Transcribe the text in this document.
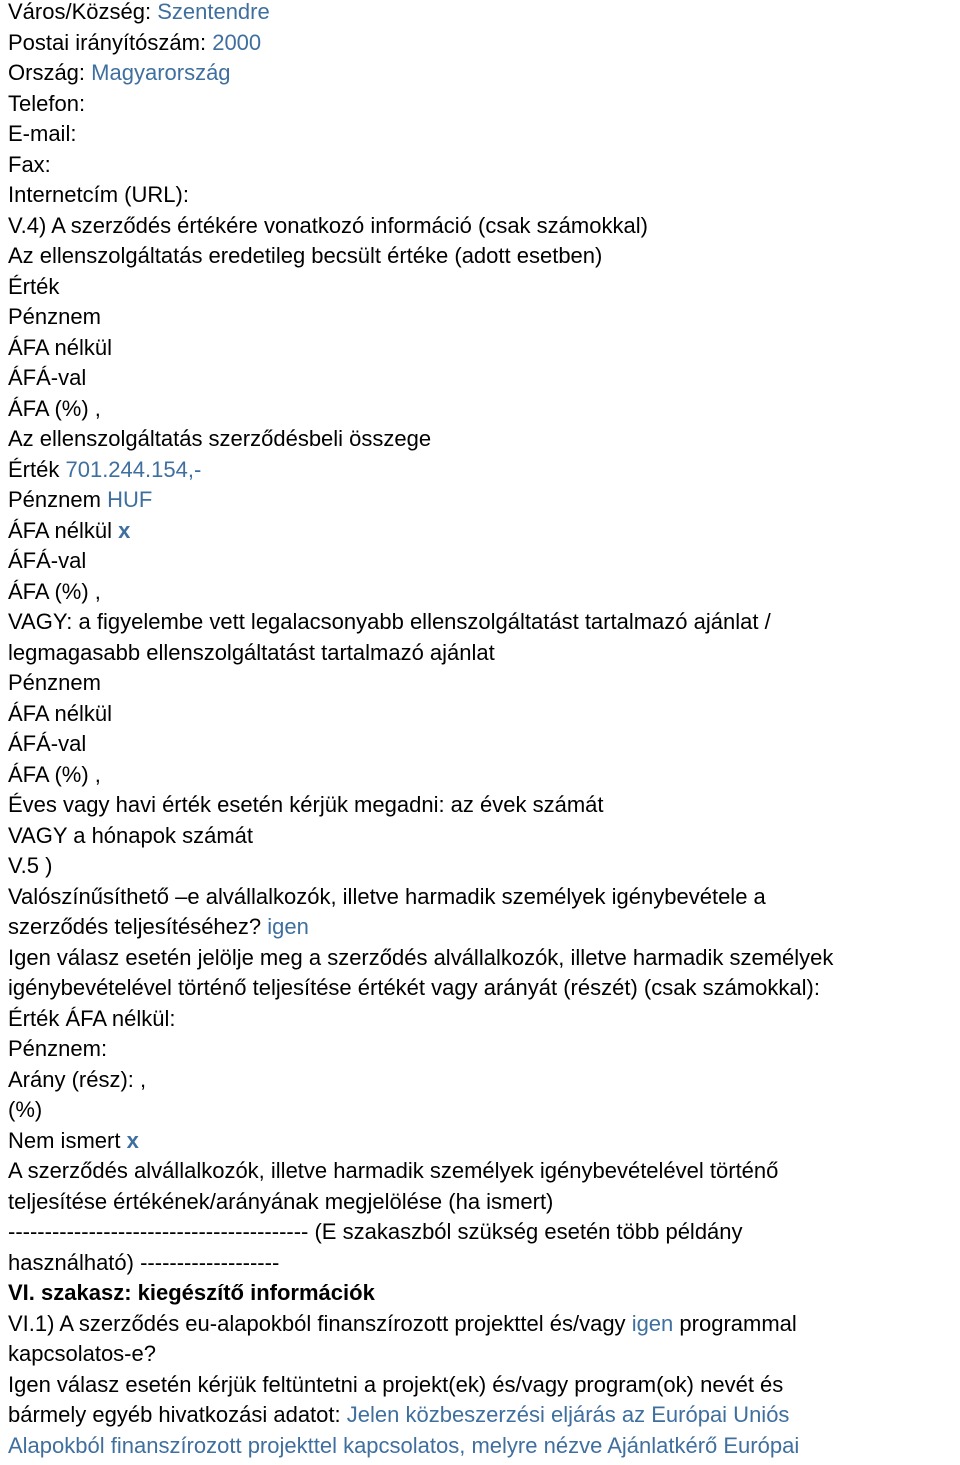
Város/Község: Szentendre
Postai irányítószám: 2000
Ország: Magyarország
Telefon:
E-mail:
Fax:
Internetcím (URL):
V.4) A szerződés értékére vonatkozó információ (csak számokkal)
Az ellenszolgáltatás eredetileg becsült értéke (adott esetben)
Érték
Pénznem
ÁFA nélkül
ÁFÁ-val
ÁFA (%) ,
Az ellenszolgáltatás szerződésbeli összege
Érték 701.244.154,-
Pénznem HUF
ÁFA nélkül x
ÁFÁ-val
ÁFA (%) ,
VAGY: a figyelembe vett legalacsonyabb ellenszolgáltatást tartalmazó ajánlat /
legmagasabb ellenszolgáltatást tartalmazó ajánlat
Pénznem
ÁFA nélkül
ÁFÁ-val
ÁFA (%) ,
Éves vagy havi érték esetén kérjük megadni: az évek számát
VAGY a hónapok számát
V.5 )
Valószínűsíthető –e alvállalkozók, illetve harmadik személyek igénybevétele a
szerződés teljesítéséhez? igen
Igen válasz esetén jelölje meg a szerződés alvállalkozók, illetve harmadik személyek
igénybevételével történő teljesítése értékét vagy arányát (részét) (csak számokkal):
Érték ÁFA nélkül:
Pénznem:
Arány (rész): ,
(%)
Nem ismert x
A szerződés alvállalkozók, illetve harmadik személyek igénybevételével történő
teljesítése értékének/arányának megjelölése (ha ismert)
----------------------------------------- (E szakaszból szükség esetén több példány
használható) -------------------
VI. szakasz: kiegészítő információk
VI.1) A szerződés eu-alapokból finanszírozott projekttel és/vagy igen programmal
kapcsolatos-e?
Igen válasz esetén kérjük feltüntetni a projekt(ek) és/vagy program(ok) nevét és
bármely egyéb hivatkozási adatot: Jelen közbeszerzési eljárás az Európai Uniós
Alapokból finanszírozott projekttel kapcsolatos, melyre nézve Ajánlatkérő Európai
